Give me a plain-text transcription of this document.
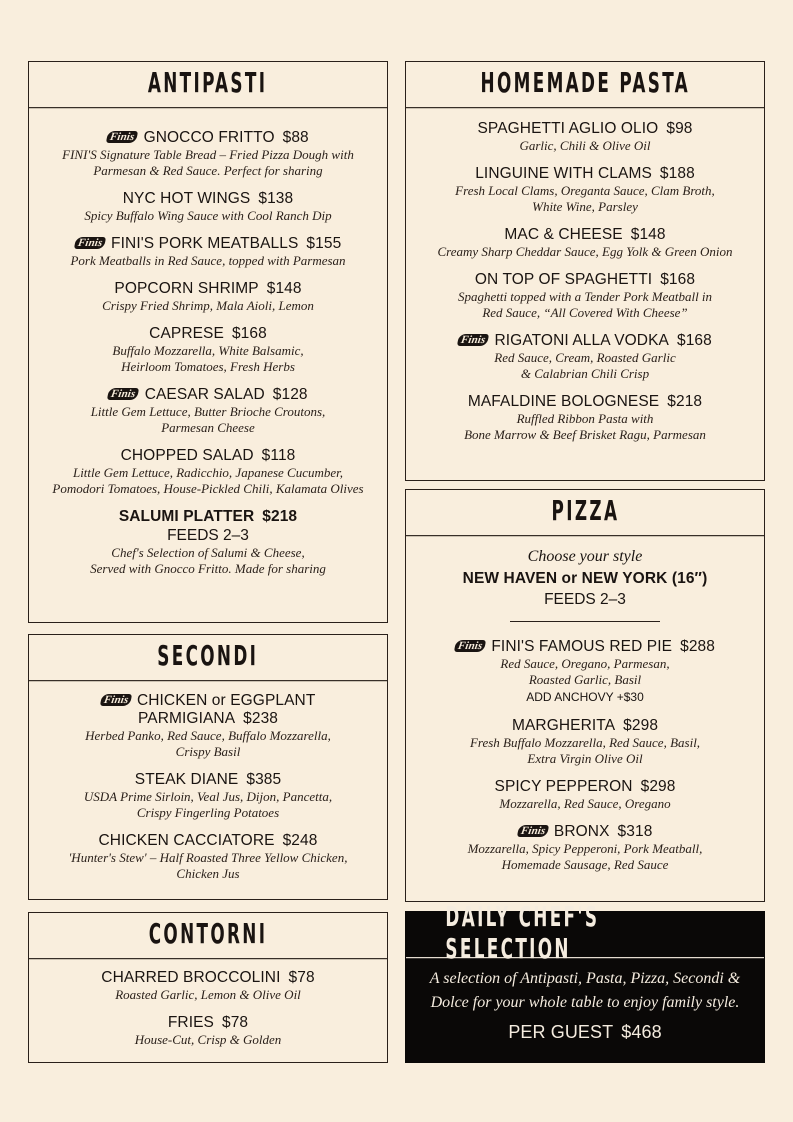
ANTIPASTI
Finis GNOCCO FRITTO $88
FINI'S Signature Table Bread – Fried Pizza Dough with
Parmesan & Red Sauce. Perfect for sharing
NYC HOT WINGS $138
Spicy Buffalo Wing Sauce with Cool Ranch Dip
Finis FINI'S PORK MEATBALLS $155
Pork Meatballs in Red Sauce, topped with Parmesan
POPCORN SHRIMP $148
Crispy Fried Shrimp, Mala Aioli, Lemon
CAPRESE $168
Buffalo Mozzarella, White Balsamic,
Heirloom Tomatoes, Fresh Herbs
Finis CAESAR SALAD $128
Little Gem Lettuce, Butter Brioche Croutons,
Parmesan Cheese
CHOPPED SALAD $118
Little Gem Lettuce, Radicchio, Japanese Cucumber,
Pomodori Tomatoes, House-Pickled Chili, Kalamata Olives
SALUMI PLATTER $218
FEEDS 2–3
Chef's Selection of Salumi & Cheese,
Served with Gnocco Fritto. Made for sharing
SECONDI
Finis CHICKEN or EGGPLANT
PARMIGIANA $238
Herbed Panko, Red Sauce, Buffalo Mozzarella,
Crispy Basil
STEAK DIANE $385
USDA Prime Sirloin, Veal Jus, Dijon, Pancetta,
Crispy Fingerling Potatoes
CHICKEN CACCIATORE $248
'Hunter's Stew' – Half Roasted Three Yellow Chicken,
Chicken Jus
CONTORNI
CHARRED BROCCOLINI $78
Roasted Garlic, Lemon & Olive Oil
FRIES $78
House-Cut, Crisp & Golden
HOMEMADE PASTA
SPAGHETTI AGLIO OLIO $98
Garlic, Chili & Olive Oil
LINGUINE WITH CLAMS $188
Fresh Local Clams, Oreganta Sauce, Clam Broth,
White Wine, Parsley
MAC & CHEESE $148
Creamy Sharp Cheddar Sauce, Egg Yolk & Green Onion
ON TOP OF SPAGHETTI $168
Spaghetti topped with a Tender Pork Meatball in
Red Sauce, “All Covered With Cheese”
Finis RIGATONI ALLA VODKA $168
Red Sauce, Cream, Roasted Garlic
& Calabrian Chili Crisp
MAFALDINE BOLOGNESE $218
Ruffled Ribbon Pasta with
Bone Marrow & Beef Brisket Ragu, Parmesan
PIZZA
Choose your style
NEW HAVEN or NEW YORK (16″)
FEEDS 2–3
Finis FINI'S FAMOUS RED PIE $288
Red Sauce, Oregano, Parmesan,
Roasted Garlic, Basil
ADD ANCHOVY +$30
MARGHERITA $298
Fresh Buffalo Mozzarella, Red Sauce, Basil,
Extra Virgin Olive Oil
SPICY PEPPERON $298
Mozzarella, Red Sauce, Oregano
Finis BRONX $318
Mozzarella, Spicy Pepperoni, Pork Meatball,
Homemade Sausage, Red Sauce
DAILY CHEF'S SELECTION
A selection of Antipasti, Pasta, Pizza, Secondi &
Dolce for your whole table to enjoy family style.
PER GUEST $468
